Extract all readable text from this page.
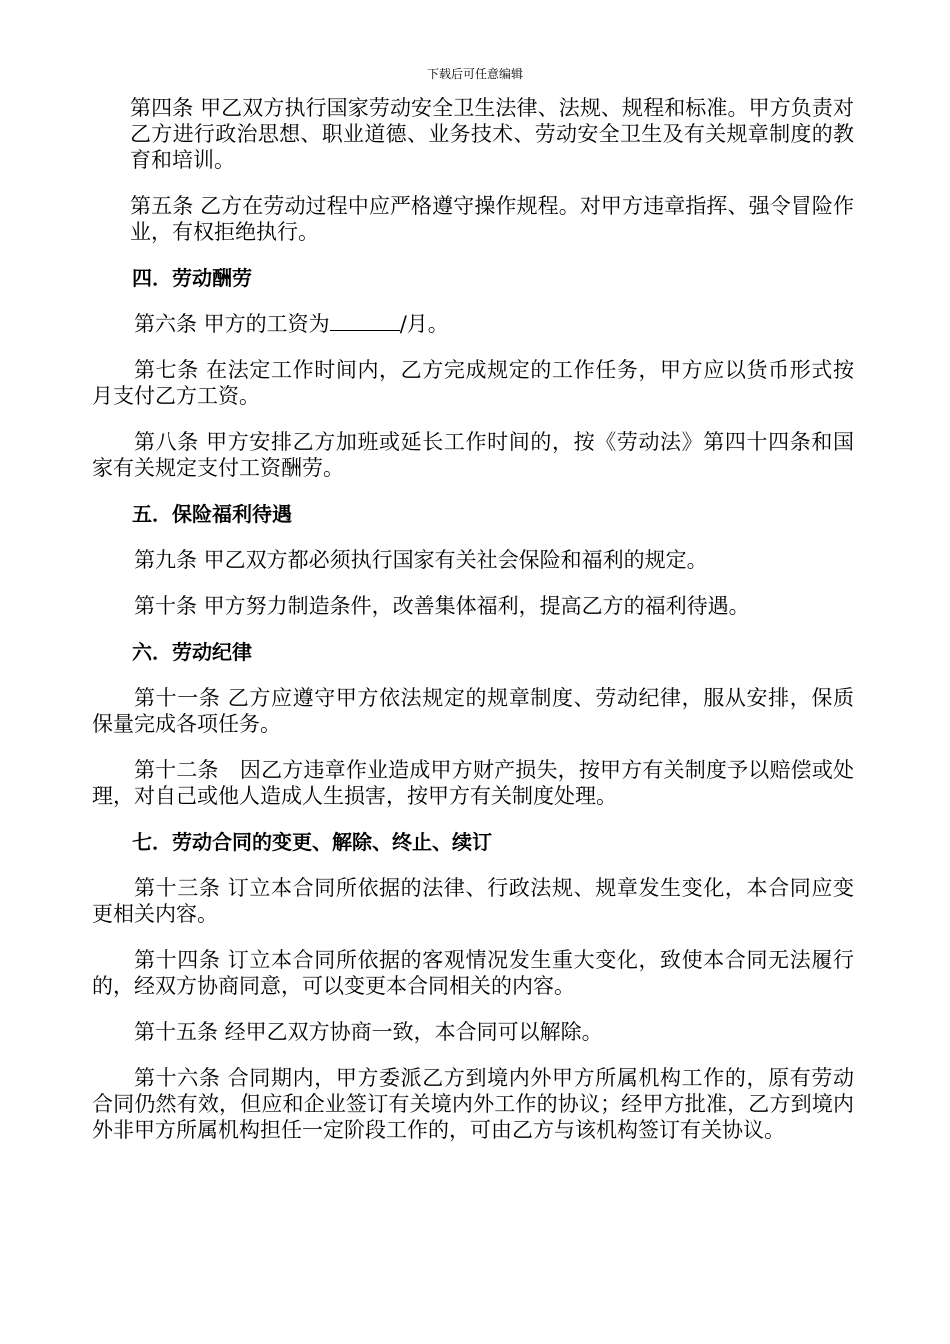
下载后可任意编辑

第四条 甲乙双方执行国家劳动安全卫生法律、法规、规程和标准。甲方负责对乙方进行政治思想、职业道德、业务技术、劳动安全卫生及有关规章制度的教育和培训。

第五条 乙方在劳动过程中应严格遵守操作规程。对甲方违章指挥、强令冒险作业，有权拒绝执行。

四．劳动酬劳

第六条 甲方的工资为	/月。

第七条 在法定工作时间内，乙方完成规定的工作任务，甲方应以货币形式按月支付乙方工资。

第八条 甲方安排乙方加班或延长工作时间的，按《劳动法》第四十四条和国家有关规定支付工资酬劳。

五．保险福利待遇

第九条 甲乙双方都必须执行国家有关社会保险和福利的规定。

第十条 甲方努力制造条件，改善集体福利，提高乙方的福利待遇。

六．劳动纪律

第十一条 乙方应遵守甲方依法规定的规章制度、劳动纪律，服从安排，保质保量完成各项任务。

第十二条　因乙方违章作业造成甲方财产损失，按甲方有关制度予以赔偿或处理，对自己或他人造成人生损害，按甲方有关制度处理。

七．劳动合同的变更、解除、终止、续订

第十三条 订立本合同所依据的法律、行政法规、规章发生变化，本合同应变更相关内容。

第十四条 订立本合同所依据的客观情况发生重大变化，致使本合同无法履行的，经双方协商同意，可以变更本合同相关的内容。

第十五条 经甲乙双方协商一致，本合同可以解除。

第十六条 合同期内，甲方委派乙方到境内外甲方所属机构工作的，原有劳动合同仍然有效，但应和企业签订有关境内外工作的协议；经甲方批准，乙方到境内外非甲方所属机构担任一定阶段工作的，可由乙方与该机构签订有关协议。
